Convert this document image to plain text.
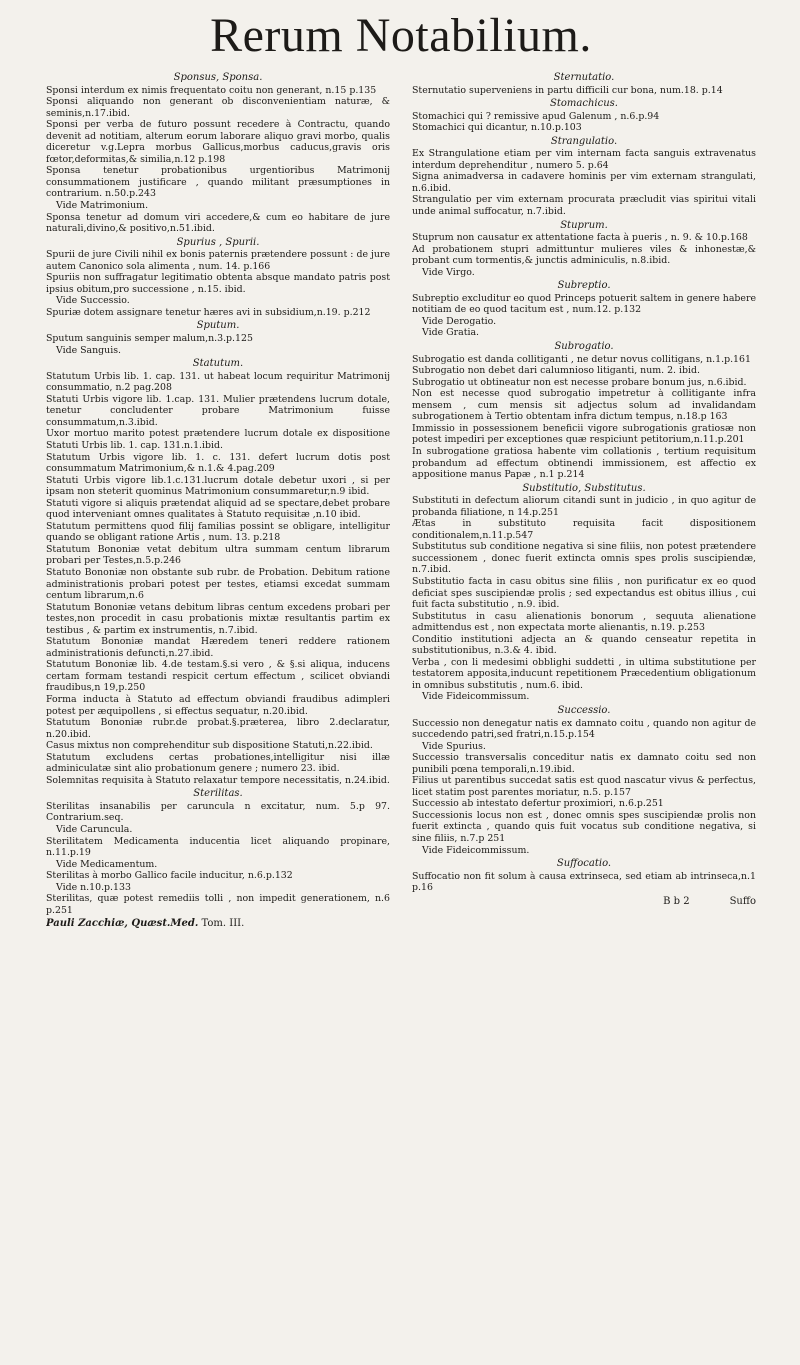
Rerum Notabilium.
Sponsus, Sponsa.
Sponsi interdum ex nimis frequentato coitu non generant, n.15 p.135
Sponsi aliquando non generant ob disconvenientiam naturæ, & seminis,n.17.ibid.
Sponsi per verba de futuro possunt recedere à Contractu, quando devenit ad notitiam, alterum eorum laborare aliquo gravi morbo, qualis diceretur v.g.Lepra morbus Gallicus,morbus caducus,gravis oris fœtor,deformitas,& similia,n.12 p.198
Sponsa tenetur probationibus urgentioribus Matrimonij consummationem justificare , quando militant præsumptiones in contrarium. n.50.p.243
Vide Matrimonium.
Sponsa tenetur ad domum viri accedere,& cum eo habitare de jure naturali,divino,& positivo,n.51.ibid.
Spurius , Spurii.
Spurii de jure Civili nihil ex bonis paternis prætendere possunt : de jure autem Canonico sola alimenta , num. 14. p.166
Spuriis non suffragatur legitimatio obtenta absque mandato patris post ipsius obitum,pro successione , n.15. ibid.
Vide Successio.
Spuriæ dotem assignare tenetur hæres avi in subsidium,n.19. p.212
Sputum.
Sputum sanguinis semper malum,n.3.p.125
Vide Sanguis.
Statutum.
Statutum Urbis lib. 1. cap. 131. ut habeat locum requiritur Matrimonij consummatio, n.2 pag.208
Statuti Urbis vigore lib. 1.cap. 131. Mulier prætendens lucrum dotale, tenetur concludenter probare Matrimonium fuisse consummatum,n.3.ibid.
Uxor mortuo marito potest prætendere lucrum dotale ex dispositione Statuti Urbis lib. 1. cap. 131.n.1.ibid.
Statutum Urbis vigore lib. 1. c. 131. defert lucrum dotis post consummatum Matrimonium,& n.1.& 4.pag.209
Statuti Urbis vigore lib.1.c.131.lucrum dotale debetur uxori , si per ipsam non steterit quominus Matrimonium consummaretur,n.9 ibid.
Statuti vigore si aliquis prætendat aliquid ad se spectare,debet probare quod interveniant omnes qualitates à Statuto requisitæ ,n.10 ibid.
Statutum permittens quod filij familias possint se obligare, intelligitur quando se obligant ratione Artis , num. 13. p.218
Statutum Bononiæ vetat debitum ultra summam centum librarum probari per Testes,n.5.p.246
Statuto Bononiæ non obstante sub rubr. de Probation. Debitum ratione administrationis probari potest per testes, etiamsi excedat summam centum librarum,n.6
Statutum Bononiæ vetans debitum libras centum excedens probari per testes,non procedit in casu probationis mixtæ resultantis partim ex testibus , & partim ex instrumentis, n.7.ibid.
Statutum Bononiæ mandat Hæredem teneri reddere rationem administrationis defuncti,n.27.ibid.
Statutum Bononiæ lib. 4.de testam.§.si vero , & §.si aliqua, inducens certam formam testandi respicit certum effectum , scilicet obviandi fraudibus,n 19,p.250
Forma inducta à Statuto ad effectum obviandi fraudibus adimpleri potest per æquipollens , si effectus sequatur, n.20.ibid.
Statutum Bononiæ rubr.de probat.§.præterea, libro 2.declaratur, n.20.ibid.
Casus mixtus non comprehenditur sub dispositione Statuti,n.22.ibid.
Statutum excludens certas probationes,intelligitur nisi illæ adminiculatæ sint alio probationum genere ; numero 23. ibid.
Solemnitas requisita à Statuto relaxatur tempore necessitatis, n.24.ibid.
Sterilitas.
Sterilitas insanabilis per caruncula n excitatur, num. 5.p 97. Contrarium.seq.
Vide Caruncula.
Sterilitatem Medicamenta inducentia licet aliquando propinare, n.11.p.19
Vide Medicamentum.
Sterilitas à morbo Gallico facile inducitur, n.6.p.132
Vide n.10.p.133
Sterilitas, quæ potest remediis tolli , non impedit generationem, n.6 p.251
Pauli Zacchiæ, Quæst.Med. Tom. III.
Sternutatio.
Sternutatio superveniens in partu difficili cur bona, num.18. p.14
Stomachicus.
Stomachici qui ? remissive apud Galenum , n.6.p.94
Stomachici qui dicantur, n.10.p.103
Strangulatio.
Ex Strangulatione etiam per vim internam facta sanguis extravenatus interdum deprehenditur , numero 5. p.64
Signa animadversa in cadavere hominis per vim externam strangulati, n.6.ibid.
Strangulatio per vim externam procurata præcludit vias spiritui vitali unde animal suffocatur, n.7.ibid.
Stuprum.
Stuprum non causatur ex attentatione facta à pueris , n. 9. & 10.p.168
Ad probationem stupri admittuntur mulieres viles & inhonestæ,& probant cum tormentis,& junctis adminiculis, n.8.ibid.
Vide Virgo.
Subreptio.
Subreptio excluditur eo quod Princeps potuerit saltem in genere habere notitiam de eo quod tacitum est , num.12. p.132
Vide Derogatio.
Vide Gratia.
Subrogatio.
Subrogatio est danda collitiganti , ne detur novus collitigans, n.1.p.161
Subrogatio non debet dari calumnioso litiganti, num. 2. ibid.
Subrogatio ut obtineatur non est necesse probare bonum jus, n.6.ibid.
Non est necesse quod subrogatio impetretur à collitigante infra mensem , cum mensis sit adjectus solum ad invalidandam subrogationem à Tertio obtentam infra dictum tempus, n.18.p 163
Immissio in possessionem beneficii vigore subrogationis gratiosæ non potest impediri per exceptiones quæ respiciunt petitorium,n.11.p.201
In subrogatione gratiosa habente vim collationis , tertium requisitum probandum ad effectum obtinendi immissionem, est affectio ex appositione manus Papæ , n.1 p.214
Substitutio, Substitutus.
Substituti in defectum aliorum citandi sunt in judicio , in quo agitur de probanda filiatione, n 14.p.251
Ætas in substituto requisita facit dispositionem conditionalem,n.11.p.547
Substitutus sub conditione negativa si sine filiis, non potest prætendere successionem , donec fuerit extincta omnis spes prolis suscipiendæ, n.7.ibid.
Substitutio facta in casu obitus sine filiis , non purificatur ex eo quod deficiat spes suscipiendæ prolis ; sed expectandus est obitus illius , cui fuit facta substitutio , n.9. ibid.
Substitutus in casu alienationis bonorum , sequuta alienatione admittendus est , non expectata morte alienantis, n.19. p.253
Conditio institutioni adjecta an & quando censeatur repetita in substitutionibus, n.3.& 4. ibid.
Verba , con li medesimi obblighi suddetti , in ultima substitutione per testatorem apposita,inducunt repetitionem Præcedentium obligationum in omnibus substitutis , num.6. ibid.
Vide Fideicommissum.
Successio.
Successio non denegatur natis ex damnato coitu , quando non agitur de succedendo patri,sed fratri,n.15.p.154
Vide Spurius.
Successio transversalis conceditur natis ex damnato coitu sed non punibili pœna temporali,n.19.ibid.
Filius ut parentibus succedat satis est quod nascatur vivus & perfectus, licet statim post parentes moriatur, n.5. p.157
Successio ab intestato defertur proximiori, n.6.p.251
Successionis locus non est , donec omnis spes suscipiendæ prolis non fuerit extincta , quando quis fuit vocatus sub conditione negativa, si sine filiis, n.7.p 251
Vide Fideicommissum.
Suffocatio.
Suffocatio non fit solum à causa extrinseca, sed etiam ab intrinseca,n.1 p.16
B b 2	Suffo
